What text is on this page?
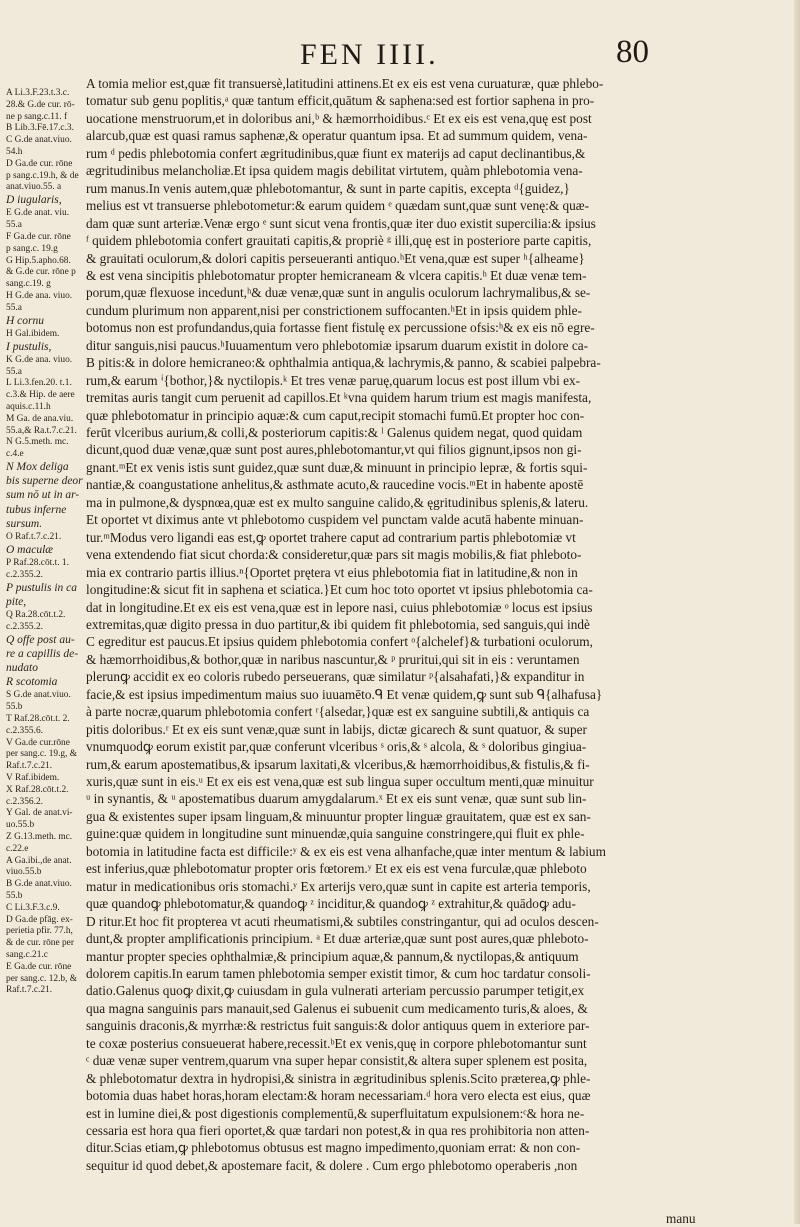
FEN IIII.	80
A Li.3.F.23.t.3.c.
28.& G.de cur. rō-
ne p sang.c.11. f
B Lib.3.Fē.17.c.3.
C G.de anat.viuo.
54.h
D Ga.de cur. rōne
p sang.c.19.h, & de
anat.viuo.55. a
D iugularis,
E G.de anat. viu.
55.a
F Ga.de cur. rōne
p sang.c. 19.g
G Hip.5.apho.68.
& G.de cur. rōne p
sang.c.19. g
H G.de ana. viuo.
55.a
H cornu
H Gal.ibidem.
I pustulis,
K G.de ana. viuo.
55.a
L Li.3.fen.20. t.1.
c.3.& Hip. de aere
aquis.c.11.h
M Ga. de ana.viu.
55.a,& Ra.t.7.c.21.
N G.5.meth. mc.
c.4.e
N Mox deliga
bis superne deor
sum nō ut in ar-
tubus inferne
sursum.
O Raf.t.7.c.21.
O maculæ
P Raf.28.cōt.t. 1.
c.2.355.2.
P pustulis in ca
pite,
Q Ra.28.cōt.t.2.
c.2.355.2.
Q offe post au-
re a capillis de-
nudato
R scotomia
S G.de anat.viuo.
55.b
T Raf.28.cōt.t. 2.
c.2.355.6.
V Ga.de cur.rōne
per sang.c. 19.g, &
Raf.t.7.c.21.
V Raf.ibidem.
X Raf.28.cōt.t.2.
c.2.356.2.
Y Gal. de anat.vi-
uo.55.b
Z G.13.meth. mc.
c.22.e
A Ga.ibi.,de anat.
viuo.55.b
B G.de anat.viuo.
55.b
C Li.3.F.3.c.9.
D Ga.de pfāg. ex-
perietia pfir. 77.h,
& de cur. rōne per
sang.c.21.c
E Ga.de cur. rōne
per sang.c. 12.b, &
Raf.t.7.c.21.
A tomia melior est,quæ fit transuersè,latitudini attinens.Et ex eis est vena curuaturæ, quæ phlebo-
tomatur sub genu poplitis,ᵃ quæ tantum efficit,quātum & saphena:sed est fortior saphena in pro-
uocatione menstruorum,et in doloribus ani,ᵇ & hæmorrhoidibus.ᶜ Et ex eis est vena,quę est post
alarcub,quæ est quasi ramus saphenæ,& operatur quantum ipsa. Et ad summum quidem, vena-
rum ᵈ pedis phlebotomia confert ægritudinibus,quæ fiunt ex materijs ad caput declinantibus,&
ægritudinibus melancholiæ.Et ipsa quidem magis debilitat virtutem, quàm phlebotomia vena-
rum manus.In venis autem,quæ phlebotomantur, & sunt in parte capitis, excepta ᵈ{guidez,}
melius est vt transuerse phlebotometur:& earum quidem ᵉ quædam sunt,quæ sunt venę:& quæ-
dam quæ sunt arteriæ.Venæ ergo ᵉ sunt sicut vena frontis,quæ iter duo existit supercilia:& ipsius
ᶠ quidem phlebotomia confert grauitati capitis,& propriè ᵍ illi,quę est in posteriore parte capitis,
& grauitati oculorum,& dolori capitis perseueranti antiquo.ʰEt vena,quæ est super ʰ{alheame}
& est vena sincipitis phlebotomatur propter hemicraneam & vlcera capitis.ʰ Et duæ venæ tem-
porum,quæ flexuose incedunt,ʰ& duæ venæ,quæ sunt in angulis oculorum lachrymalibus,& se-
cundum plurimum non apparent,nisi per constrictionem suffocanten.ʰEt in ipsis quidem phle-
botomus non est profundandus,quia fortasse fient fistulę ex percussione ofsis:ʰ& ex eis nō egre-
ditur sanguis,nisi paucus.ʰIuuamentum vero phlebotomiæ ipsarum duarum existit in dolore ca-
B pitis:& in dolore hemicraneo:& ophthalmia antiqua,& lachrymis,& panno, & scabiei palpebra-
rum,& earum ⁱ{bothor,}& nyctilopis.ᵏ Et tres venæ paruę,quarum locus est post illum vbi ex-
tremitas auris tangit cum peruenit ad capillos.Et ᵏvna quidem harum trium est magis manifesta,
quæ phlebotomatur in principio aquæ:& cum caput,recipit stomachi fumū.Et propter hoc con-
ferūt vlceribus aurium,& colli,& posteriorum capitis:& ˡ Galenus quidem negat, quod quidam
dicunt,quod duæ venæ,quæ sunt post aures,phlebotomantur,vt qui filios gignunt,ipsos non gi-
gnant.ᵐEt ex venis istis sunt guidez,quæ sunt duæ,& minuunt in principio lepræ, & fortis squi-
nantiæ,& coangustatione anhelitus,& asthmate acuto,& raucedine vocis.ᵐEt in habente apostē
ma in pulmone,& dyspnœa,quæ est ex multo sanguine calido,& ęgritudinibus splenis,& lateru.
Et oportet vt diximus ante vt phlebotomo cuspidem vel punctam valde acutā habente minuan-
tur.ᵐModus vero ligandi eas est,ꝙ oportet trahere caput ad contrarium partis phlebotomiæ vt
vena extendendo fiat sicut chorda:& consideretur,quæ pars sit magis mobilis,& fiat phleboto-
mia ex contrario partis illius.ⁿ{Oportet prętera vt eius phlebotomia fiat in latitudine,& non in
longitudine:& sicut fit in saphena et sciatica.}Et cum hoc toto oportet vt ipsius phlebotomia ca-
dat in longitudine.Et ex eis est vena,quæ est in lepore nasi, cuius phlebotomiæ ᵒ locus est ipsius
extremitas,quæ digito pressa in duo partitur,& ibi quidem fit phlebotomia, sed sanguis,qui indè
C egreditur est paucus.Et ipsius quidem phlebotomia confert ᵒ{alchelef}& turbationi oculorum,
& hæmorrhoidibus,& bothor,quæ in naribus nascuntur,& ᵖ pruritui,qui sit in eis : veruntamen
plerunꝙ accidit ex eo coloris rubedo perseuerans, quæ similatur ᵖ{alsahafati,}& expanditur in
facie,& est ipsius impedimentum maius suo iuuamēto.ᑫ Et venæ quidem,ꝙ sunt sub ᑫ{alhafusa}
à parte nocræ,quarum phlebotomia confert ʳ{alsedar,}quæ est ex sanguine subtili,& antiquis ca
pitis doloribus.ʳ Et ex eis sunt venæ,quæ sunt in labijs, dictæ gicarech & sunt quatuor, & super
vnumquodꝙ eorum existit par,quæ conferunt vlceribus ˢ oris,& ˢ alcola, & ˢ doloribus gingiua-
rum,& earum apostematibus,& ipsarum laxitati,& vlceribus,& hæmorrhoidibus,& fistulis,& fi-
xuris,quæ sunt in eis.ᵘ Et ex eis est vena,quæ est sub lingua super occultum menti,quæ minuitur
ᵘ in synantis, & ᵘ apostematibus duarum amygdalarum.ˣ Et ex eis sunt venæ, quæ sunt sub lin-
gua & existentes super ipsam linguam,& minuuntur propter linguæ grauitatem, quæ est ex san-
guine:quæ quidem in longitudine sunt minuendæ,quia sanguine constringere,qui fluit ex phle-
botomia in latitudine facta est difficile:ʸ & ex eis est vena alhanfache,quæ inter mentum & labium
est inferius,quæ phlebotomatur propter oris fœtorem.ʸ Et ex eis est vena furculæ,quæ phleboto
matur in medicationibus oris stomachi.ʸ Ex arterijs vero,quæ sunt in capite est arteria temporis,
quæ quandoꝙ phlebotomatur,& quandoꝙ ᶻ inciditur,& quandoꝙ ᶻ extrahitur,& quādoꝙ adu-
D ritur.Et hoc fit propterea vt acuti rheumatismi,& subtiles constringantur, qui ad oculos descen-
dunt,& propter amplificationis principium. ᵃ Et duæ arteriæ,quæ sunt post aures,quæ phleboto-
mantur propter species ophthalmiæ,& principium aquæ,& pannum,& nyctilopas,& antiquum
dolorem capitis.In earum tamen phlebotomia semper existit timor, & cum hoc tardatur consoli-
datio.Galenus quoꝙ dixit,ꝙ cuiusdam in gula vulnerati arteriam percussio parumper tetigit,ex
qua magna sanguinis pars manauit,sed Galenus ei subuenit cum medicamento turis,& aloes, &
sanguinis draconis,& myrrhæ:& restrictus fuit sanguis:& dolor antiquus quem in exteriore par-
te coxæ posterius consueuerat habere,recessit.ᵇEt ex venis,quę in corpore phlebotomantur sunt
ᶜ duæ venæ super ventrem,quarum vna super hepar consistit,& altera super splenem est posita,
& phlebotomatur dextra in hydropisi,& sinistra in ægritudinibus splenis.Scito præterea,ꝙ phle-
botomia duas habet horas,horam electam:& horam necessariam.ᵈ hora vero electa est eius, quæ
est in lumine diei,& post digestionis complementū,& superfluitatum expulsionem:ᶜ& hora ne-
cessaria est hora qua fieri oportet,& quæ tardari non potest,& in qua res prohibitoria non atten-
ditur.Scias etiam,ꝙ phlebotomus obtusus est magno impedimento,quoniam errat: & non con-
sequitur id quod debet,& apostemare facit, & dolere . Cum ergo phlebotomo operaberis ,non
manu
